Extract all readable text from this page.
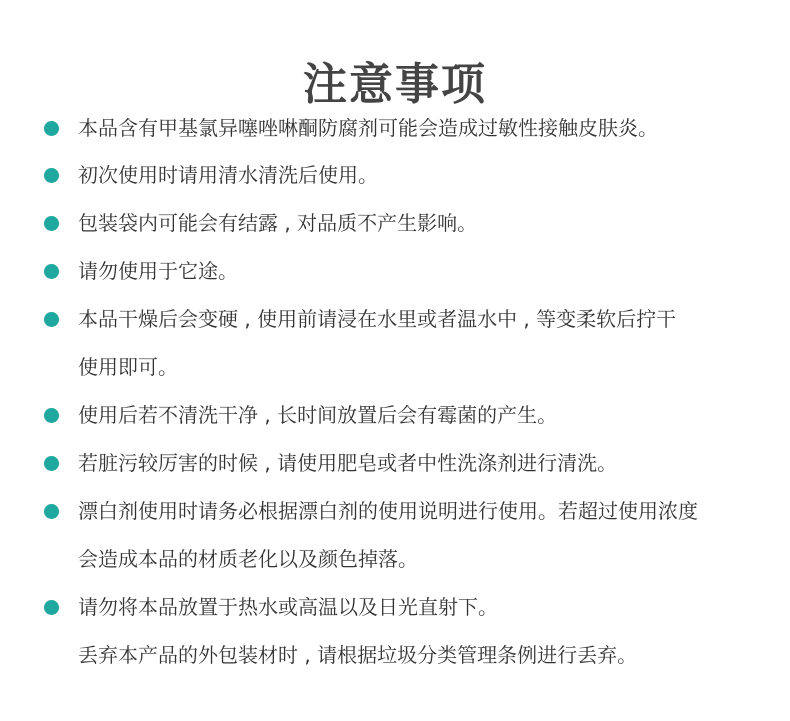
注意事项
本品含有甲基氯异噻唑啉酮防腐剂可能会造成过敏性接触皮肤炎。
初次使用时请用清水清洗后使用。
包装袋内可能会有结露 , 对品质不产生影响。
请勿使用于它途。
本品干燥后会变硬 , 使用前请浸在水里或者温水中 , 等变柔软后拧干
使用即可。
使用后若不清洗干净 , 长时间放置后会有霉菌的产生。
若脏污较厉害的时候 , 请使用肥皂或者中性洗涤剂进行清洗。
漂白剂使用时请务必根据漂白剂的使用说明进行使用。若超过使用浓度
会造成本品的材质老化以及颜色掉落。
请勿将本品放置于热水或高温以及日光直射下。
丢弃本产品的外包装材时 , 请根据垃圾分类管理条例进行丢弃。
